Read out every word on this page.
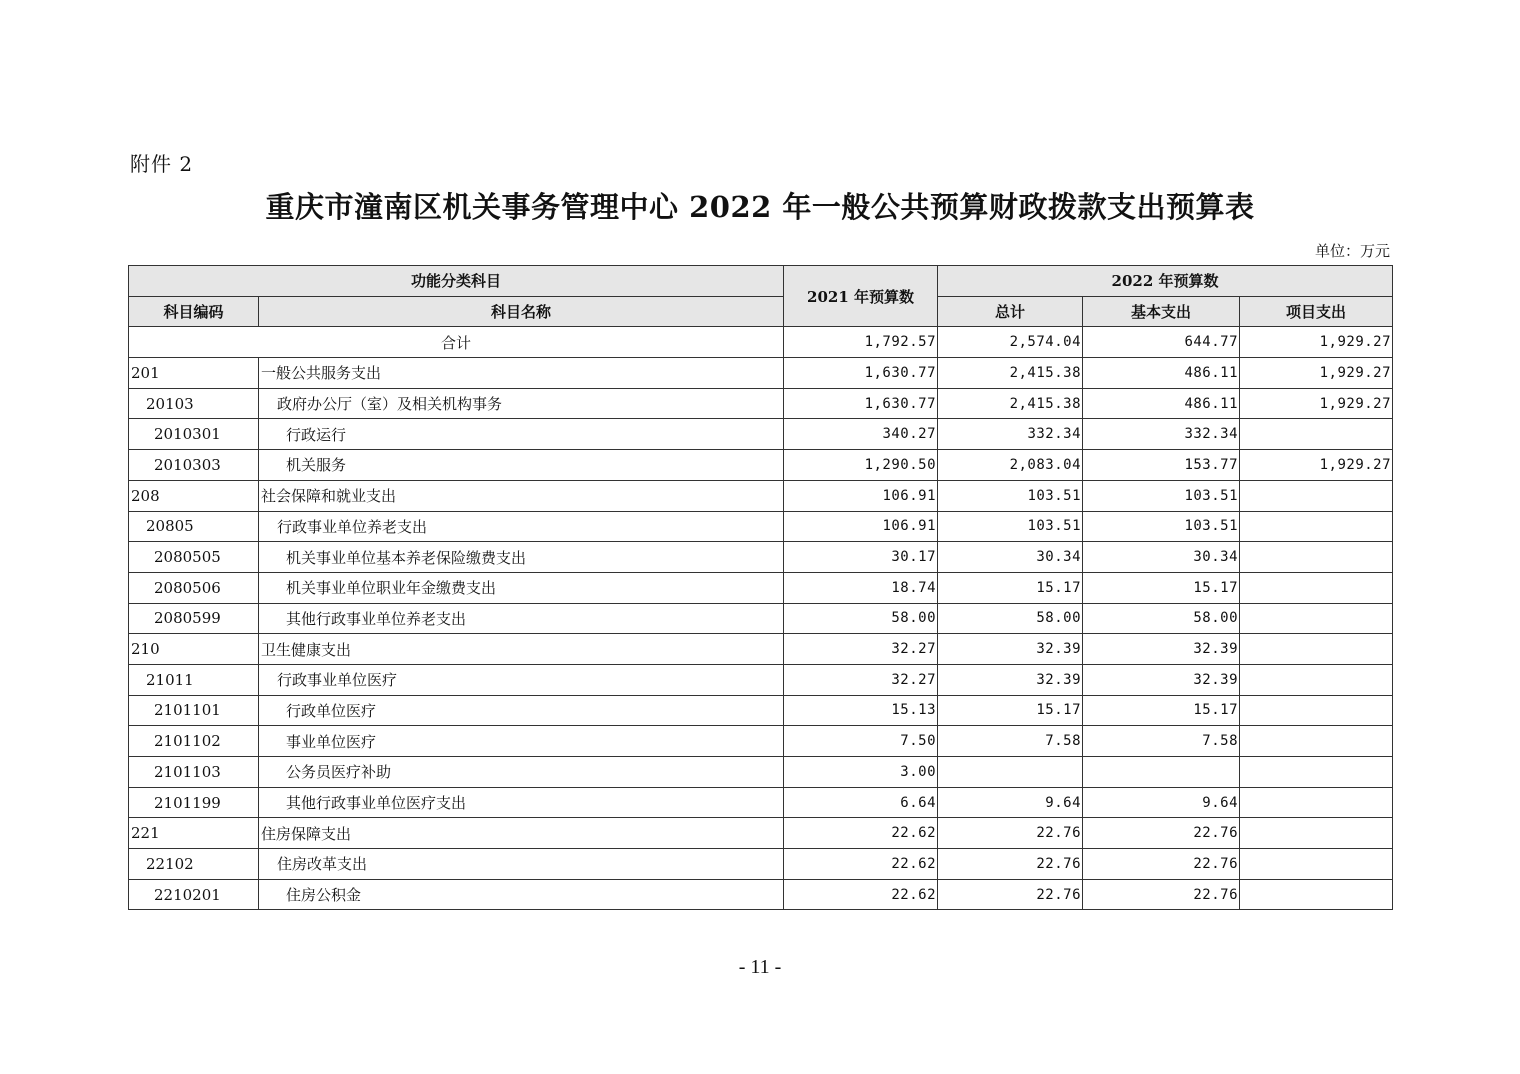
附件 2
重庆市潼南区机关事务管理中心 2022 年一般公共预算财政拨款支出预算表
单位：万元
功能分类科目		2021 年预算数	2022 年预算数		
科目编码	科目名称		总计	基本支出	项目支出
合计		1,792.57	2,574.04	644.77	1,929.27
201	一般公共服务支出	1,630.77	2,415.38	486.11	1,929.27
20103	政府办公厅（室）及相关机构事务	1,630.77	2,415.38	486.11	1,929.27
2010301	行政运行	340.27	332.34	332.34	
2010303	机关服务	1,290.50	2,083.04	153.77	1,929.27
208	社会保障和就业支出	106.91	103.51	103.51	
20805	行政事业单位养老支出	106.91	103.51	103.51	
2080505	机关事业单位基本养老保险缴费支出	30.17	30.34	30.34	
2080506	机关事业单位职业年金缴费支出	18.74	15.17	15.17	
2080599	其他行政事业单位养老支出	58.00	58.00	58.00	
210	卫生健康支出	32.27	32.39	32.39	
21011	行政事业单位医疗	32.27	32.39	32.39	
2101101	行政单位医疗	15.13	15.17	15.17	
2101102	事业单位医疗	7.50	7.58	7.58	
2101103	公务员医疗补助	3.00			
2101199	其他行政事业单位医疗支出	6.64	9.64	9.64	
221	住房保障支出	22.62	22.76	22.76	
22102	住房改革支出	22.62	22.76	22.76	
2210201	住房公积金	22.62	22.76	22.76	
- 11 -
